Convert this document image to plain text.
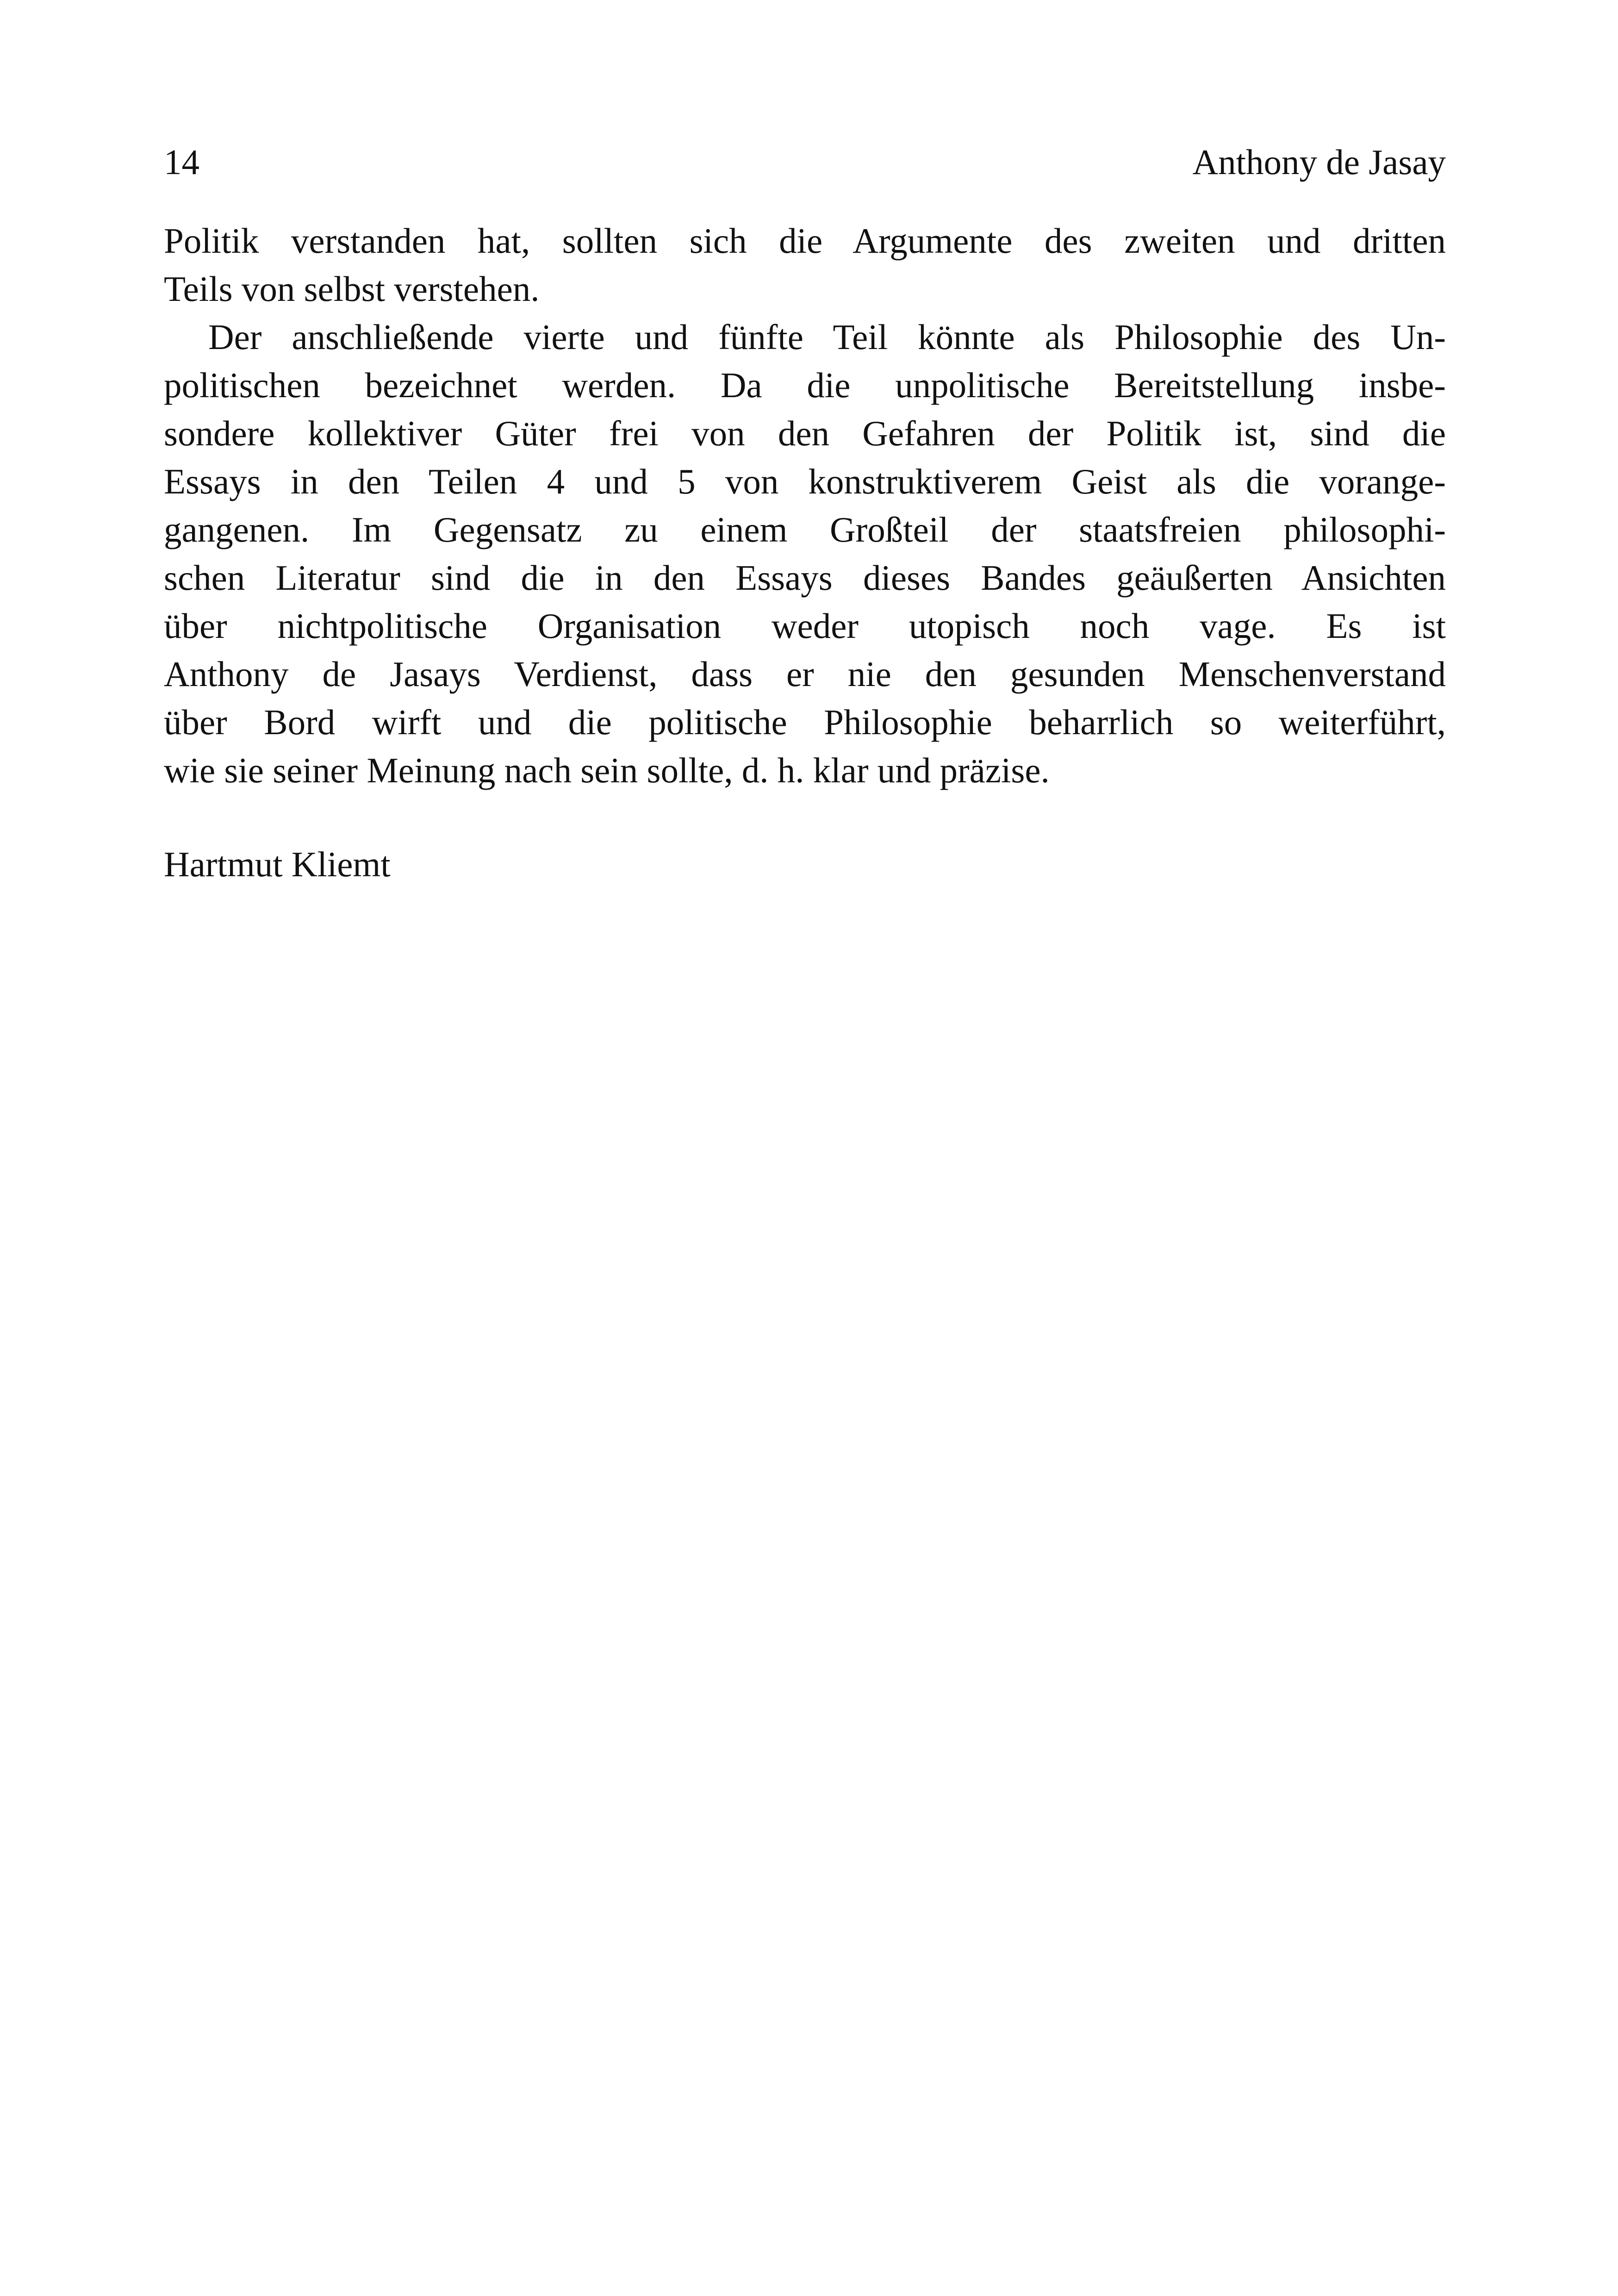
14	Anthony de Jasay
Politik verstanden hat, sollten sich die Argumente des zweiten und dritten
Teils von selbst verstehen.
Der anschließende vierte und fünfte Teil könnte als Philosophie des Un-
politischen bezeichnet werden. Da die unpolitische Bereitstellung insbe-
sondere kollektiver Güter frei von den Gefahren der Politik ist, sind die
Essays in den Teilen 4 und 5 von konstruktiverem Geist als die vorange-
gangenen. Im Gegensatz zu einem Großteil der staatsfreien philosophi-
schen Literatur sind die in den Essays dieses Bandes geäußerten Ansichten
über nichtpolitische Organisation weder utopisch noch vage. Es ist
Anthony de Jasays Verdienst, dass er nie den gesunden Menschenverstand
über Bord wirft und die politische Philosophie beharrlich so weiterführt,
wie sie seiner Meinung nach sein sollte, d. h. klar und präzise.
Hartmut Kliemt
